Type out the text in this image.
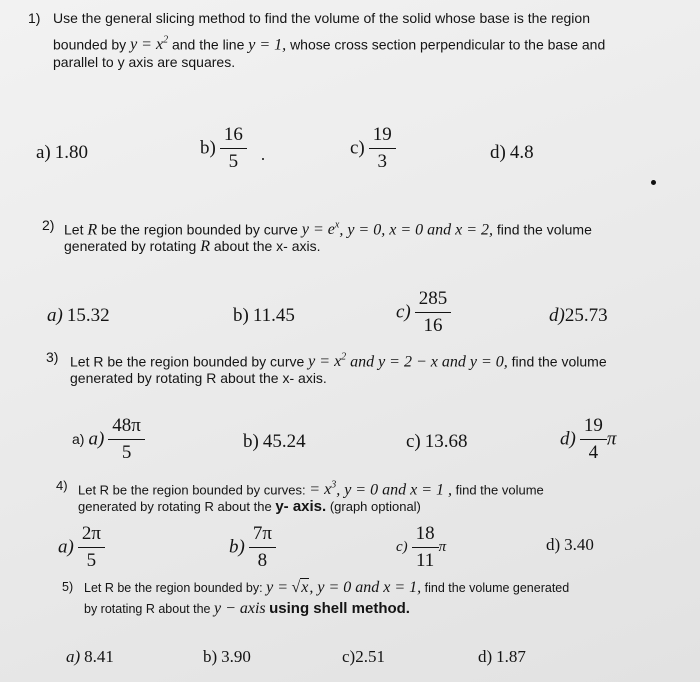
1) Use the general slicing method to find the volume of the solid whose base is the region
bounded by $y = x^2$ and the line y = 1, whose cross section perpendicular to the base and
parallel to y axis are squares.
a) 1.80	$b) \frac{16}{5}$	$c) \frac{19}{3}$	d) 4.8
2) Let R be the region bounded by curve $y = e^x$, y = 0, x = 0 and x = 2, find the volume
generated by rotating R about the x- axis.
a) 15.32	b) 11.45	$c) \frac{285}{16}$	d)25.73
3) Let R be the region bounded by curve $y = x^2$ and y = 2 − x and y = 0, find the volume
generated by rotating R about the x- axis.
a) $a) \frac{48\pi}{5}$	b) 45.24	c) 13.68	$d) \frac{19}{4}$ π
4) Let R be the region bounded by curves: = $x^3$, y = 0 and x = 1 , find the volume
generated by rotating R about the y- axis. (graph optional)
$a) \frac{2\pi}{5}$	$b) \frac{7\pi}{8}$	$c) \frac{18}{11}$ π	d) 3.40
5) Let R be the region bounded by: y = √x, y = 0 and x = 1, find the volume generated
by rotating R about the y − axis using shell method.
a) 8.41	b) 3.90	c)2.51	d) 1.87
